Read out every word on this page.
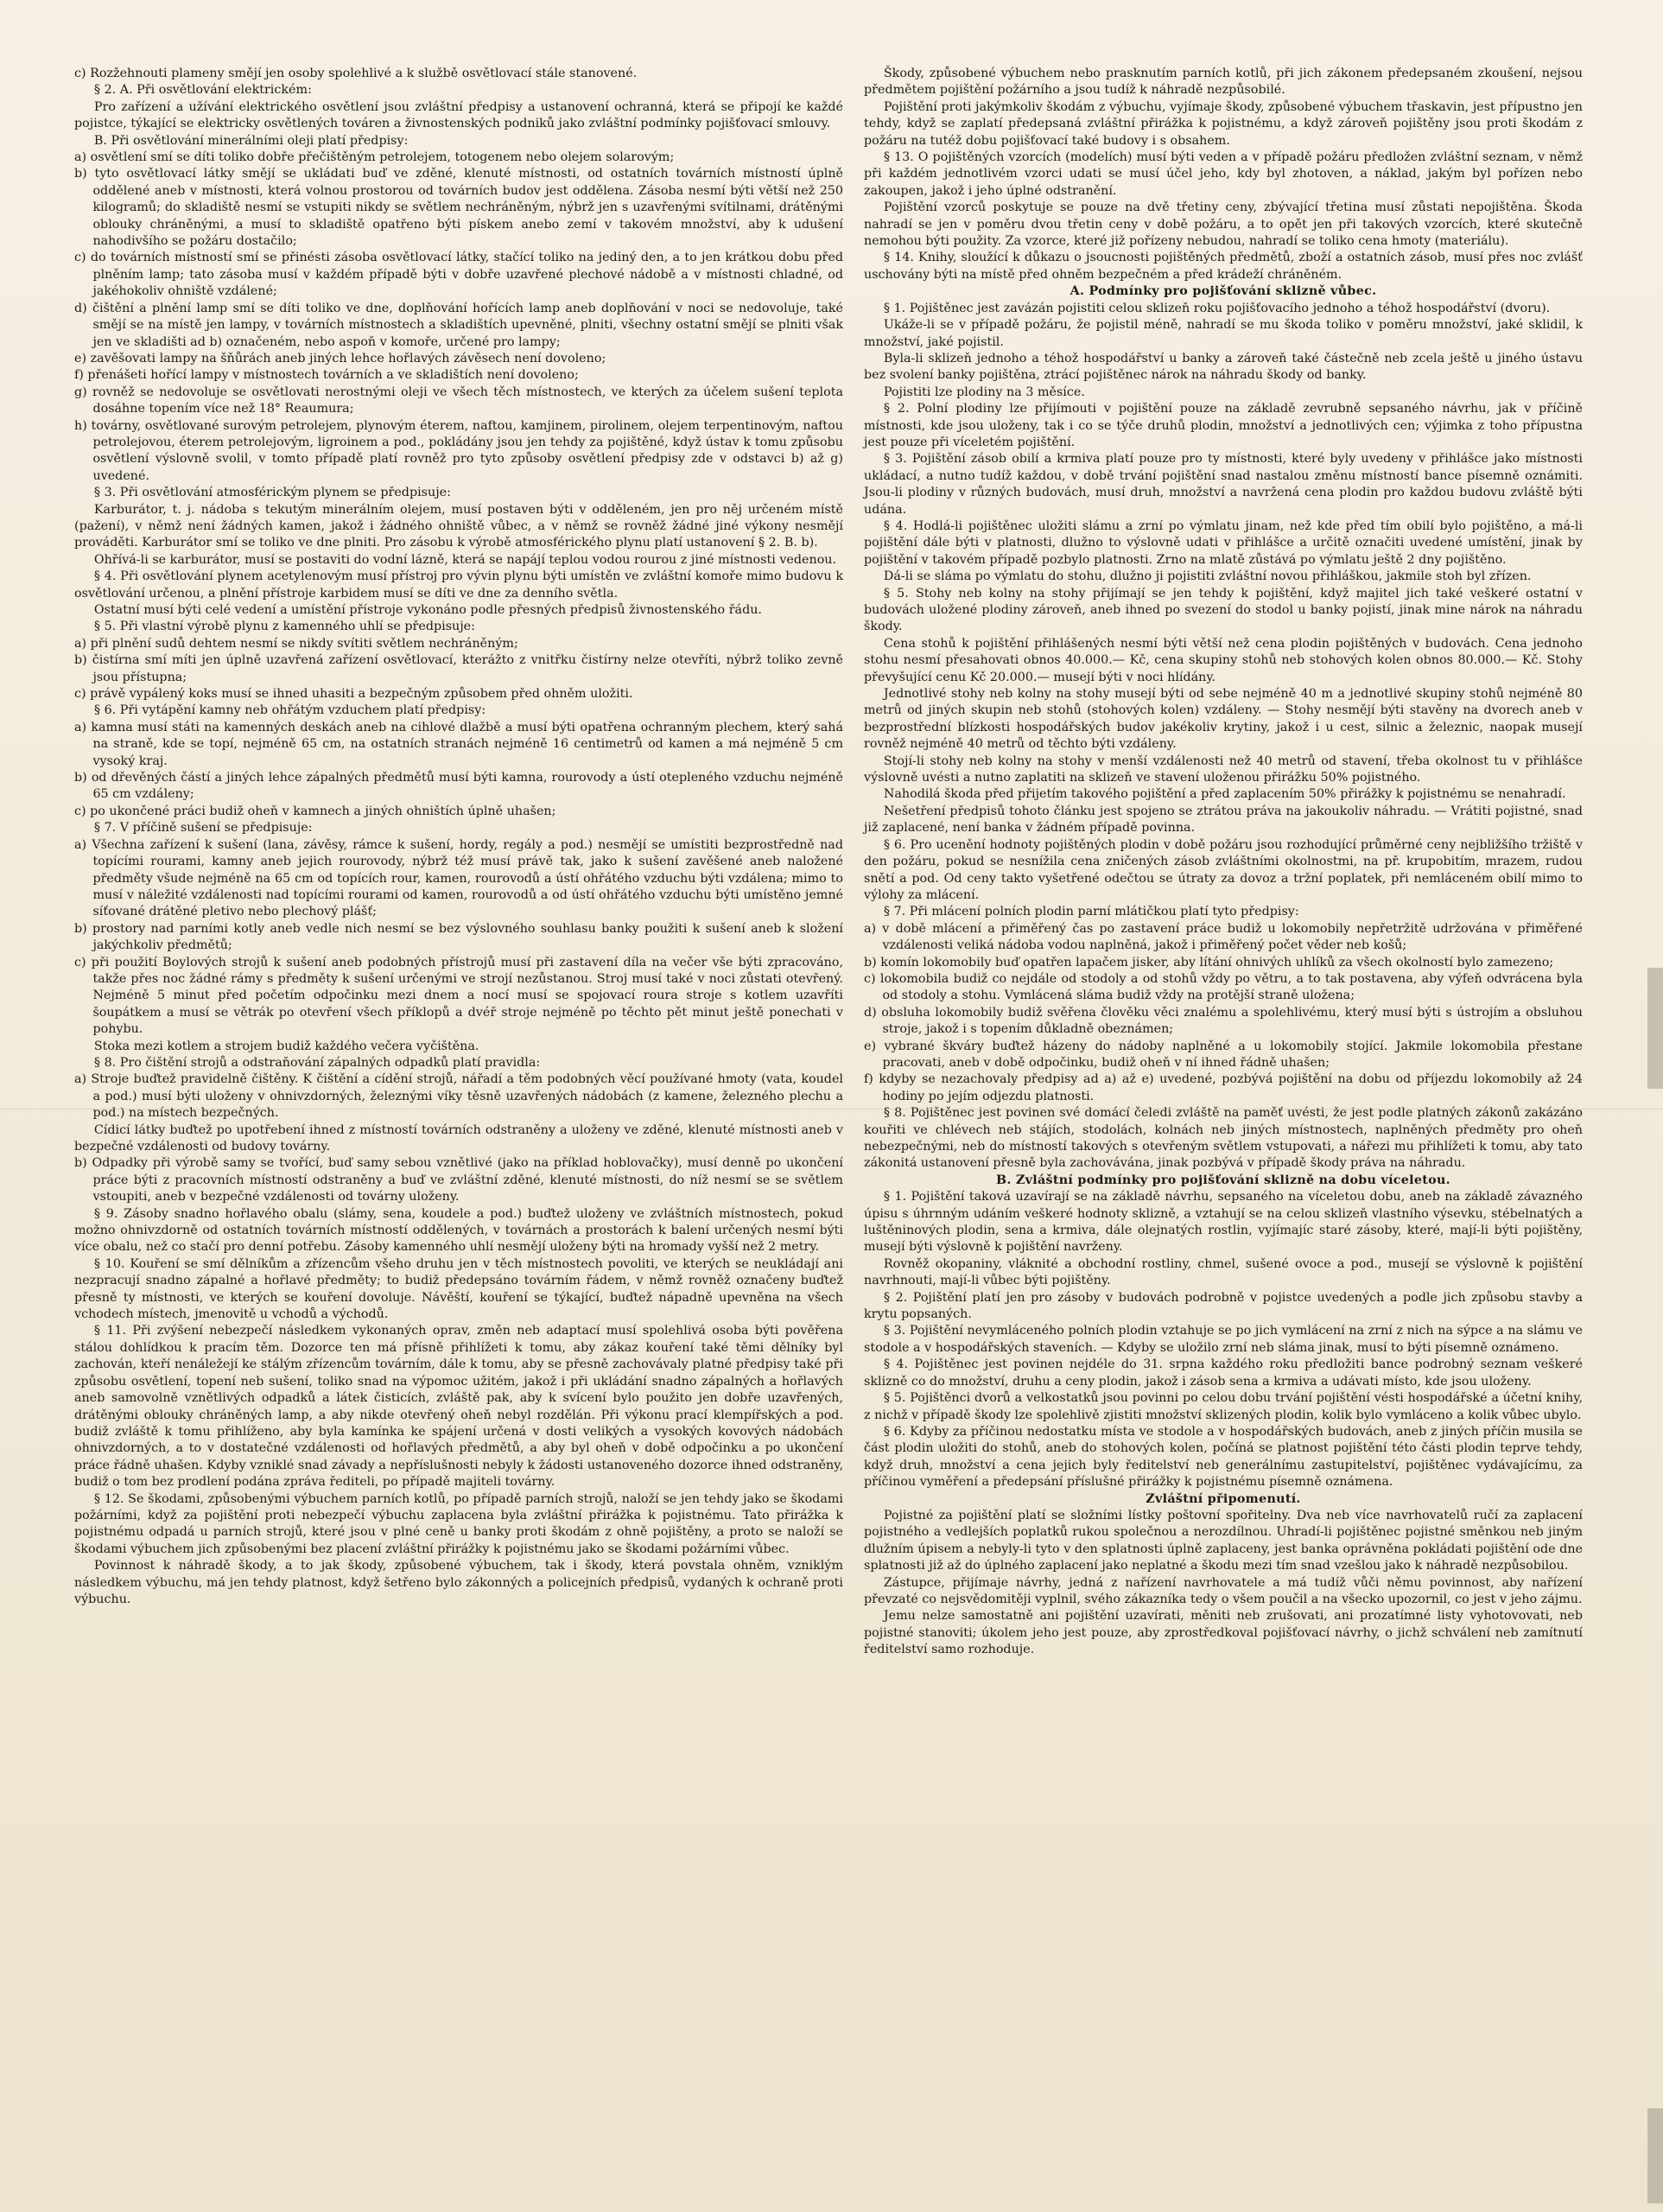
c) Rozžehnouti plameny smějí jen osoby spolehlivé a k službě osvětlovací stále stanovené.

§ 2. A. Při osvětlování elektrickém:

Pro zařízení a užívání elektrického osvětlení jsou zvláštní předpisy a ustanovení ochranná, která se připojí ke každé pojistce, týkající se elektricky osvětlených továren a živnostenských podniků jako zvláštní podmínky pojišťovací smlouvy.

B. Při osvětlování minerálními oleji platí předpisy:

a) osvětlení smí se díti toliko dobře přečištěným petrolejem, totogenem nebo olejem solarovým;

b) tyto osvětlovací látky smějí se ukládati buď ve zděné, klenuté místnosti, od ostatních továrních místností úplně oddělené aneb v místnosti, která volnou prostorou od továrních budov jest oddělena. Zásoba nesmí býti větší než 250 kilogramů; do skladiště nesmí se vstupiti nikdy se světlem nechráněným, nýbrž jen s uzavřenými svítilnami, drátěnými oblouky chráněnými, a musí to skladiště opatřeno býti pískem anebo zemí v takovém množství, aby k udušení nahodivšího se požáru dostačilo;

c) do továrních místností smí se přinésti zásoba osvětlovací látky, stačící toliko na jediný den, a to jen krátkou dobu před plněním lamp; tato zásoba musí v každém případě býti v dobře uzavřené plechové nádobě a v místnosti chladné, od jakéhokoliv ohniště vzdálené;

d) čištění a plnění lamp smí se díti toliko ve dne, doplňování hořících lamp aneb doplňování v noci se nedovoluje, také smějí se na místě jen lampy, v továrních místnostech a skladištích upevněné, plniti, všechny ostatní smějí se plniti však jen ve skladišti ad b) označeném, nebo aspoň v komoře, určené pro lampy;

e) zavěšovati lampy na šňůrách aneb jiných lehce hořlavých závěsech není dovoleno;

f) přenášeti hořící lampy v místnostech továrních a ve skladištích není dovoleno;

g) rovněž se nedovoluje se osvětlovati nerostnými oleji ve všech těch místnostech, ve kterých za účelem sušení teplota dosáhne topením více než 18° Reaumura;

h) továrny, osvětlované surovým petrolejem, plynovým éterem, naftou, kamjinem, pirolinem, olejem terpentinovým, naftou petrolejovou, éterem petrolejovým, ligroinem a pod., pokládány jsou jen tehdy za pojištěné, když ústav k tomu způsobu osvětlení výslovně svolil, v tomto případě platí rovněž pro tyto způsoby osvětlení předpisy zde v odstavci b) až g) uvedené.

§ 3. Při osvětlování atmosférickým plynem se předpisuje:

Karburátor, t. j. nádoba s tekutým minerálním olejem, musí postaven býti v odděleném, jen pro něj určeném místě (pažení), v němž není žádných kamen, jakož i žádného ohniště vůbec, a v němž se rovněž žádné jiné výkony nesmějí prováděti. Karburátor smí se toliko ve dne plniti. Pro zásobu k výrobě atmosférického plynu platí ustanovení § 2. B. b).

Ohřívá-li se karburátor, musí se postaviti do vodní lázně, která se napájí teplou vodou rourou z jiné místnosti vedenou.

§ 4. Při osvětlování plynem acetylenovým musí přístroj pro vývin plynu býti umístěn ve zvláštní komoře mimo budovu k osvětlování určenou, a plnění přístroje karbidem musí se díti ve dne za denního světla.

Ostatní musí býti celé vedení a umístění přístroje vykonáno podle přesných předpisů živnostenského řádu.

§ 5. Při vlastní výrobě plynu z kamenného uhlí se předpisuje:

a) při plnění sudů dehtem nesmí se nikdy svítiti světlem nechráněným;

b) čistírna smí míti jen úplně uzavřená zařízení osvětlovací, kterážto z vnitřku čistírny nelze otevříti, nýbrž toliko zevně jsou přístupna;

c) právě vypálený koks musí se ihned uhasiti a bezpečným způsobem před ohněm uložiti.

§ 6. Při vytápění kamny neb ohřátým vzduchem platí předpisy:

a) kamna musí státi na kamenných deskách aneb na cihlové dlažbě a musí býti opatřena ochranným plechem, který sahá na straně, kde se topí, nejméně 65 cm, na ostatních stranách nejméně 16 centimetrů od kamen a má nejméně 5 cm vysoký kraj.

b) od dřevěných částí a jiných lehce zápalných předmětů musí býti kamna, rourovody a ústí otepleného vzduchu nejméně 65 cm vzdáleny;

c) po ukončené práci budiž oheň v kamnech a jiných ohništích úplně uhašen;

§ 7. V příčině sušení se předpisuje:

a) Všechna zařízení k sušení (lana, závěsy, rámce k sušení, hordy, regály a pod.) nesmějí se umístiti bezprostředně nad topícími rourami, kamny aneb jejich rourovody, nýbrž též musí právě tak, jako k sušení zavěšené aneb naložené předměty všude nejméně na 65 cm od topících rour, kamen, rourovodů a ústí ohřátého vzduchu býti vzdálena; mimo to musí v náležité vzdálenosti nad topícími rourami od kamen, rourovodů a od ústí ohřátého vzduchu býti umístěno jemné síťované drátěné pletivo nebo plechový plášť;

b) prostory nad parními kotly aneb vedle nich nesmí se bez výslovného souhlasu banky použiti k sušení aneb k složení jakýchkoliv předmětů;

c) při použití Boylových strojů k sušení aneb podobných přístrojů musí při zastavení díla na večer vše býti zpracováno, takže přes noc žádné rámy s předměty k sušení určenými ve strojí nezůstanou. Stroj musí také v noci zůstati otevřený. Nejméně 5 minut před početím odpočinku mezi dnem a nocí musí se spojovací roura stroje s kotlem uzavříti šoupátkem a musí se větrák po otevření všech příklopů a dvéř stroje nejméně po těchto pět minut ještě ponechati v pohybu.

Stoka mezi kotlem a strojem budiž každého večera vyčištěna.

§ 8. Pro čištění strojů a odstraňování zápalných odpadků platí pravidla:

a) Stroje buďtež pravidelně čištěny. K čištění a cídění strojů, nářadí a těm podobných věcí používané hmoty (vata, koudel a pod.) musí býti uloženy v ohnivzdorných, železnými víky těsně uzavřených nádobách (z kamene, železného plechu a pod.) na místech bezpečných.

Cídicí látky buďtež po upotřebení ihned z místností továrních odstraněny a uloženy ve zděné, klenuté místnosti aneb v bezpečné vzdálenosti od budovy továrny.

b) Odpadky při výrobě samy se tvořící, buď samy sebou vznětlivé (jako na příklad hoblovačky), musí denně po ukončení práce býti z pracovních místností odstraněny a buď ve zvláštní zděné, klenuté místnosti, do níž nesmí se se světlem vstoupiti, aneb v bezpečné vzdálenosti od továrny uloženy.

§ 9. Zásoby snadno hořlavého obalu (slámy, sena, koudele a pod.) buďtež uloženy ve zvláštních místnostech, pokud možno ohnivzdorně od ostatních továrních místností oddělených, v továrnách a prostorách k balení určených nesmí býti více obalu, než co stačí pro denní potřebu. Zásoby kamenného uhlí nesmějí uloženy býti na hromady vyšší než 2 metry.

§ 10. Kouření se smí dělníkům a zřízencům všeho druhu jen v těch místnostech povoliti, ve kterých se neukládají ani nezpracují snadno zápalné a hořlavé předměty; to budiž předepsáno továrním řádem, v němž rovněž označeny buďtež přesně ty místnosti, ve kterých se kouření dovoluje. Návěští, kouření se týkající, buďtež nápadně upevněna na všech vchodech místech, jmenovitě u vchodů a východů.

§ 11. Při zvýšení nebezpečí následkem vykonaných oprav, změn neb adaptací musí spolehlivá osoba býti pověřena stálou dohlídkou k pracím těm. Dozorce ten má přísně přihlížeti k tomu, aby zákaz kouření také těmi dělníky byl zachován, kteří nenáležejí ke stálým zřízencům továrním, dále k tomu, aby se přesně zachovávaly platné předpisy také při způsobu osvětlení, topení neb sušení, toliko snad na výpomoc užitém, jakož i při ukládání snadno zápalných a hořlavých aneb samovolně vznětlivých odpadků a látek čisticích, zvláště pak, aby k svícení bylo použito jen dobře uzavřených, drátěnými oblouky chráněných lamp, a aby nikde otevřený oheň nebyl rozdělán. Při výkonu prací klempířských a pod. budiž zvláště k tomu přihlíženo, aby byla kamínka ke spájení určená v dosti velikých a vysokých kovových nádobách ohnivzdorných, a to v dostatečné vzdálenosti od hořlavých předmětů, a aby byl oheň v době odpočinku a po ukončení práce řádně uhašen. Kdyby vzniklé snad závady a nepříslušnosti nebyly k žádosti ustanoveného dozorce ihned odstraněny, budiž o tom bez prodlení podána zpráva řediteli, po případě majiteli továrny.

§ 12. Se škodami, způsobenými výbuchem parních kotlů, po případě parních strojů, naloží se jen tehdy jako se škodami požárními, když za pojištění proti nebezpečí výbuchu zaplacena byla zvláštní přirážka k pojistnému. Tato přirážka k pojistnému odpadá u parních strojů, které jsou v plné ceně u banky proti škodám z ohně pojištěny, a proto se naloží se škodami výbuchem jich způsobenými bez placení zvláštní přirážky k pojistnému jako se škodami požárními vůbec.

Povinnost k náhradě škody, a to jak škody, způsobené výbuchem, tak i škody, která povstala ohněm, vzniklým následkem výbuchu, má jen tehdy platnost, když šetřeno bylo zákonných a policejních předpisů, vydaných k ochraně proti výbuchu.

Škody, způsobené výbuchem nebo prasknutím parních kotlů, při jich zákonem předepsaném zkoušení, nejsou předmětem pojištění požárního a jsou tudíž k náhradě nezpůsobilé.

Pojištění proti jakýmkoliv škodám z výbuchu, vyjímaje škody, způsobené výbuchem třaskavin, jest přípustno jen tehdy, když se zaplatí předepsaná zvláštní přirážka k pojistnému, a když zároveň pojištěny jsou proti škodám z požáru na tutéž dobu pojišťovací také budovy i s obsahem.

§ 13. O pojištěných vzorcích (modelích) musí býti veden a v případě požáru předložen zvláštní seznam, v němž při každém jednotlivém vzorci udati se musí účel jeho, kdy byl zhotoven, a náklad, jakým byl pořízen nebo zakoupen, jakož i jeho úplné odstranění.

Pojištění vzorců poskytuje se pouze na dvě třetiny ceny, zbývající třetina musí zůstati nepojištěna. Škoda nahradí se jen v poměru dvou třetin ceny v době požáru, a to opět jen při takových vzorcích, které skutečně nemohou býti použity. Za vzorce, které již pořízeny nebudou, nahradí se toliko cena hmoty (materiálu).

§ 14. Knihy, sloužící k důkazu o jsoucnosti pojištěných předmětů, zboží a ostatních zásob, musí přes noc zvlášť uschovány býti na místě před ohněm bezpečném a před krádeží chráněném.

A. Podmínky pro pojišťování sklizně vůbec.

§ 1. Pojištěnec jest zavázán pojistiti celou sklizeň roku pojišťovacího jednoho a téhož hospodářství (dvoru).

Ukáže-li se v případě požáru, že pojistil méně, nahradí se mu škoda toliko v poměru množství, jaké sklidil, k množství, jaké pojistil.

Byla-li sklizeň jednoho a téhož hospodářství u banky a zároveň také částečně neb zcela ještě u jiného ústavu bez svolení banky pojištěna, ztrácí pojištěnec nárok na náhradu škody od banky.

Pojistiti lze plodiny na 3 měsíce.

§ 2. Polní plodiny lze přijímouti v pojištění pouze na základě zevrubně sepsaného návrhu, jak v příčině místnosti, kde jsou uloženy, tak i co se týče druhů plodin, množství a jednotlivých cen; výjimka z toho přípustna jest pouze při víceletém pojištění.

§ 3. Pojištění zásob obilí a krmiva platí pouze pro ty místnosti, které byly uvedeny v přihlášce jako místnosti ukládací, a nutno tudíž každou, v době trvání pojištění snad nastalou změnu místností bance písemně oznámiti. Jsou-li plodiny v různých budovách, musí druh, množství a navržená cena plodin pro každou budovu zvláště býti udána.

§ 4. Hodlá-li pojištěnec uložiti slámu a zrní po výmlatu jinam, než kde před tím obilí bylo pojištěno, a má-li pojištění dále býti v platnosti, dlužno to výslovně udati v přihlášce a určitě označiti uvedené umístění, jinak by pojištění v takovém případě pozbylo platnosti. Zrno na mlatě zůstává po výmlatu ještě 2 dny pojištěno.

Dá-li se sláma po výmlatu do stohu, dlužno ji pojistiti zvláštní novou přihláškou, jakmile stoh byl zřízen.

§ 5. Stohy neb kolny na stohy přijímají se jen tehdy k pojištění, když majitel jich také veškeré ostatní v budovách uložené plodiny zároveň, aneb ihned po svezení do stodol u banky pojistí, jinak mine nárok na náhradu škody.

Cena stohů k pojištění přihlášených nesmí býti větší než cena plodin pojištěných v budovách. Cena jednoho stohu nesmí přesahovati obnos 40.000.— Kč, cena skupiny stohů neb stohových kolen obnos 80.000.— Kč. Stohy převyšující cenu Kč 20.000.— musejí býti v noci hlídány.

Jednotlivé stohy neb kolny na stohy musejí býti od sebe nejméně 40 m a jednotlivé skupiny stohů nejméně 80 metrů od jiných skupin neb stohů (stohových kolen) vzdáleny. — Stohy nesmějí býti stavěny na dvorech aneb v bezprostřední blízkosti hospodářských budov jakékoliv krytiny, jakož i u cest, silnic a železnic, naopak musejí rovněž nejméně 40 metrů od těchto býti vzdáleny.

Stojí-li stohy neb kolny na stohy v menší vzdálenosti než 40 metrů od stavení, třeba okolnost tu v přihlášce výslovně uvésti a nutno zaplatiti na sklizeň ve stavení uloženou přirážku 50% pojistného.

Nahodilá škoda před přijetím takového pojištění a před zaplacením 50% přirážky k pojistnému se nenahradí.

Nešetření předpisů tohoto článku jest spojeno se ztrátou práva na jakoukoliv náhradu. — Vrátiti pojistné, snad již zaplacené, není banka v žádném případě povinna.

§ 6. Pro ucenění hodnoty pojištěných plodin v době požáru jsou rozhodující průměrné ceny nejbližšího tržiště v den požáru, pokud se nesnížila cena zničených zásob zvláštními okolnostmi, na př. krupobitím, mrazem, rudou snětí a pod. Od ceny takto vyšetřené odečtou se útraty za dovoz a tržní poplatek, při nemláceném obilí mimo to výlohy za mlácení.

§ 7. Při mlácení polních plodin parní mlátičkou platí tyto předpisy:

a) v době mlácení a přiměřený čas po zastavení práce budiž u lokomobily nepřetržitě udržována v přiměřené vzdálenosti veliká nádoba vodou naplněná, jakož i přiměřený počet věder neb košů;

b) komín lokomobily buď opatřen lapačem jisker, aby lítání ohnivých uhlíků za všech okolností bylo zamezeno;

c) lokomobila budiž co nejdále od stodoly a od stohů vždy po větru, a to tak postavena, aby výfeň odvrácena byla od stodoly a stohu. Vymlácená sláma budiž vždy na protější straně uložena;

d) obsluha lokomobily budiž svěřena člověku věci znalému a spolehlivému, který musí býti s ústrojím a obsluhou stroje, jakož i s topením důkladně obeznámen;

e) vybrané škváry buďtež házeny do nádoby naplněné a u lokomobily stojící. Jakmile lokomobila přestane pracovati, aneb v době odpočinku, budiž oheň v ní ihned řádně uhašen;

f) kdyby se nezachovaly předpisy ad a) až e) uvedené, pozbývá pojištění na dobu od příjezdu lokomobily až 24 hodiny po jejím odjezdu platnosti.

§ 8. Pojištěnec jest povinen své domácí čeledi zvláště na paměť uvésti, že jest podle platných zákonů zakázáno kouřiti ve chlévech neb stájích, stodolách, kolnách neb jiných místnostech, naplněných předměty pro oheň nebezpečnými, neb do místností takových s otevřeným světlem vstupovati, a nářezi mu přihlížeti k tomu, aby tato zákonitá ustanovení přesně byla zachovávána, jinak pozbývá v případě škody práva na náhradu.

B. Zvláštní podmínky pro pojišťování sklizně na dobu víceletou.

§ 1. Pojištění taková uzavírají se na základě návrhu, sepsaného na víceletou dobu, aneb na základě závazného úpisu s úhrnným udáním veškeré hodnoty sklizně, a vztahují se na celou sklizeň vlastního výsevku, stébelnatých a luštěninových plodin, sena a krmiva, dále olejnatých rostlin, vyjímajíc staré zásoby, které, mají-li býti pojištěny, musejí býti výslovně k pojištění navrženy.

Rovněž okopaniny, vláknité a obchodní rostliny, chmel, sušené ovoce a pod., musejí se výslovně k pojištění navrhnouti, mají-li vůbec býti pojištěny.

§ 2. Pojištění platí jen pro zásoby v budovách podrobně v pojistce uvedených a podle jich způsobu stavby a krytu popsaných.

§ 3. Pojištění nevymláceného polních plodin vztahuje se po jich vymlácení na zrní z nich na sýpce a na slámu ve stodole a v hospodářských staveních. — Kdyby se uložilo zrní neb sláma jinak, musí to býti písemně oznámeno.

§ 4. Pojištěnec jest povinen nejdéle do 31. srpna každého roku předložiti bance podrobný seznam veškeré sklizně co do množství, druhu a ceny plodin, jakož i zásob sena a krmiva a udávati místo, kde jsou uloženy.

§ 5. Pojištěnci dvorů a velkostatků jsou povinni po celou dobu trvání pojištění vésti hospodářské a účetní knihy, z nichž v případě škody lze spolehlivě zjistiti množství sklizených plodin, kolik bylo vymláceno a kolik vůbec ubylo.

§ 6. Kdyby za příčinou nedostatku místa ve stodole a v hospodářských budovách, aneb z jiných příčin musila se část plodin uložiti do stohů, aneb do stohových kolen, počíná se platnost pojištění této části plodin teprve tehdy, když druh, množství a cena jejich byly ředitelství neb generálnímu zastupitelství, pojištěnec vydávajícímu, za příčinou vyměření a předepsání příslušné přirážky k pojistnému písemně oznámena.

Zvláštní připomenutí.

Pojistné za pojištění platí se složními lístky poštovní spořitelny. Dva neb více navrhovatelů ručí za zaplacení pojistného a vedlejších poplatků rukou společnou a nerozdílnou. Uhradí-li pojištěnec pojistné směnkou neb jiným dlužním úpisem a nebyly-li tyto v den splatnosti úplně zaplaceny, jest banka oprávněna pokládati pojištění ode dne splatnosti již až do úplného zaplacení jako neplatné a škodu mezi tím snad vzešlou jako k náhradě nezpůsobilou.

Zástupce, přijímaje návrhy, jedná z nařízení navrhovatele a má tudíž vůči němu povinnost, aby nařízení převzaté co nejsvědomitěji vyplnil, svého zákazníka tedy o všem poučil a na všecko upozornil, co jest v jeho zájmu.

Jemu nelze samostatně ani pojištění uzavírati, měniti neb zrušovati, ani prozatímné listy vyhotovovati, neb pojistné stanoviti; úkolem jeho jest pouze, aby zprostředkoval pojišťovací návrhy, o jichž schválení neb zamítnutí ředitelství samo rozhoduje.
